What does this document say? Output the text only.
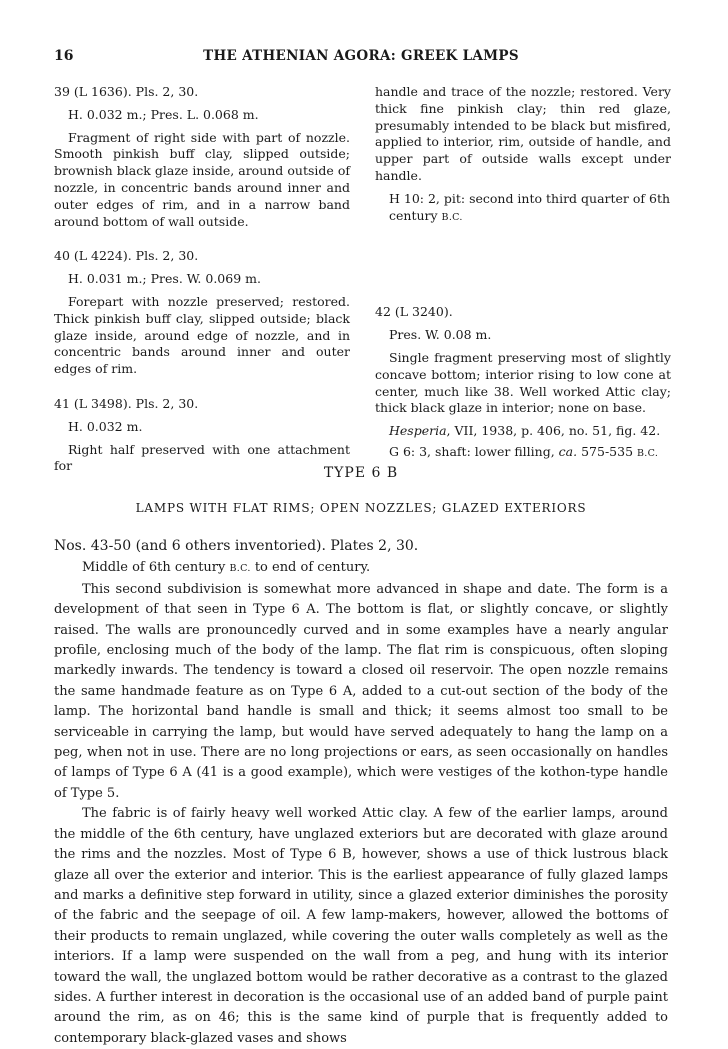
16	THE ATHENIAN AGORA: GREEK LAMPS

39 (L 1636). Pls. 2, 30.

H. 0.032 m.; Pres. L. 0.068 m.

Fragment of right side with part of nozzle. Smooth pinkish buff clay, slipped outside; brownish black glaze inside, around outside of nozzle, in concentric bands around inner and outer edges of rim, and in a narrow band around bottom of wall outside.

40 (L 4224). Pls. 2, 30.

H. 0.031 m.; Pres. W. 0.069 m.

Forepart with nozzle preserved; restored. Thick pinkish buff clay, slipped outside; black glaze inside, around edge of nozzle, and in concentric bands around inner and outer edges of rim.

41 (L 3498). Pls. 2, 30.

H. 0.032 m.

Right half preserved with one attachment for

handle and trace of the nozzle; restored. Very thick fine pinkish clay; thin red glaze, presumably intended to be black but misfired, applied to interior, rim, outside of handle, and upper part of outside walls except under handle.

H 10: 2, pit: second into third quarter of 6th century B.C.

42 (L 3240).

Pres. W. 0.08 m.

Single fragment preserving most of slightly concave bottom; interior rising to low cone at center, much like 38. Well worked Attic clay; thick black glaze in interior; none on base.

Hesperia, VII, 1938, p. 406, no. 51, fig. 42.

G 6: 3, shaft: lower filling, ca. 575-535 B.C.

TYPE 6 B
LAMPS WITH FLAT RIMS; OPEN NOZZLES; GLAZED EXTERIORS

Nos. 43-50 (and 6 others inventoried). Plates 2, 30.

Middle of 6th century B.C. to end of century.

This second subdivision is somewhat more advanced in shape and date. The form is a development of that seen in Type 6 A. The bottom is flat, or slightly concave, or slightly raised. The walls are pronouncedly curved and in some examples have a nearly angular profile, enclosing much of the body of the lamp. The flat rim is conspicuous, often sloping markedly inwards. The tendency is toward a closed oil reservoir. The open nozzle remains the same handmade feature as on Type 6 A, added to a cut-out section of the body of the lamp. The horizontal band handle is small and thick; it seems almost too small to be serviceable in carrying the lamp, but would have served adequately to hang the lamp on a peg, when not in use. There are no long projections or ears, as seen occasionally on handles of lamps of Type 6 A (41 is a good example), which were vestiges of the kothon-type handle of Type 5.

The fabric is of fairly heavy well worked Attic clay. A few of the earlier lamps, around the middle of the 6th century, have unglazed exteriors but are decorated with glaze around the rims and the nozzles. Most of Type 6 B, however, shows a use of thick lustrous black glaze all over the exterior and interior. This is the earliest appearance of fully glazed lamps and marks a definitive step forward in utility, since a glazed exterior diminishes the porosity of the fabric and the seepage of oil. A few lamp-makers, however, allowed the bottoms of their products to remain unglazed, while covering the outer walls completely as well as the interiors. If a lamp were suspended on the wall from a peg, and hung with its interior toward the wall, the unglazed bottom would be rather decorative as a contrast to the glazed sides. A further interest in decoration is the occasional use of an added band of purple paint around the rim, as on 46; this is the same kind of purple that is frequently added to contemporary black-glazed vases and shows
